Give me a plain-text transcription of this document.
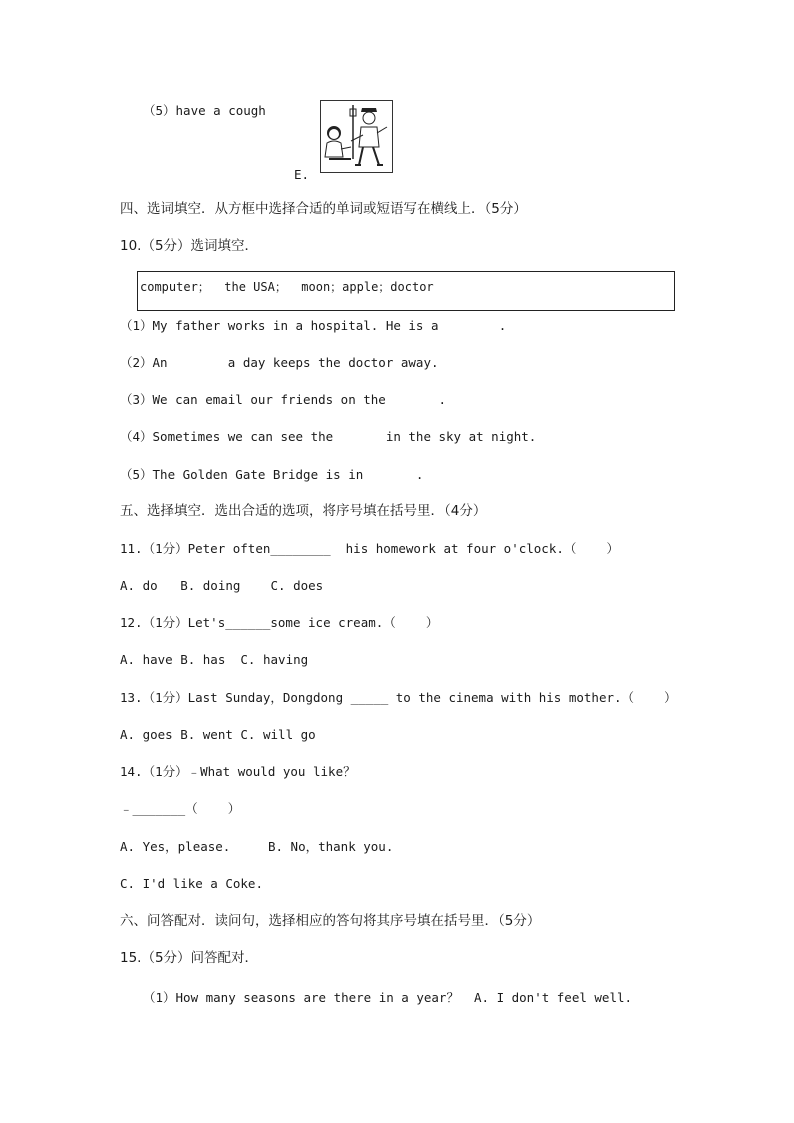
（5）have a cough
E.
四、选词填空．从方框中选择合适的单词或短语写在横线上．（5分）
10.（5分）选词填空．
computer；  the USA；  moon；apple；doctor
（1）My father works in a hospital. He is a        .
（2）An        a day keeps the doctor away.
（3）We can email our friends on the       .
（4）Sometimes we can see the       in the sky at night.
（5）The Golden Gate Bridge is in       .
五、选择填空．选出合适的选项，将序号填在括号里．（4分）
11.（1分）Peter often________  his homework at four o'clock.（    ）
A. do   B. doing    C. does
12.（1分）Let's______some ice cream.（    ）
A. have B. has  C. having
13.（1分）Last Sunday，Dongdong _____ to the cinema with his mother.（    ）
A. goes B. went C. will go
14.（1分）﹣What would you like？
﹣_______（    ）
A. Yes，please.     B. No，thank you.
C. I'd like a Coke.
六、问答配对．读问句，选择相应的答句将其序号填在括号里．（5分）
15.（5分）问答配对．
（1）How many seasons are there in a year？  A. I don't feel well.
